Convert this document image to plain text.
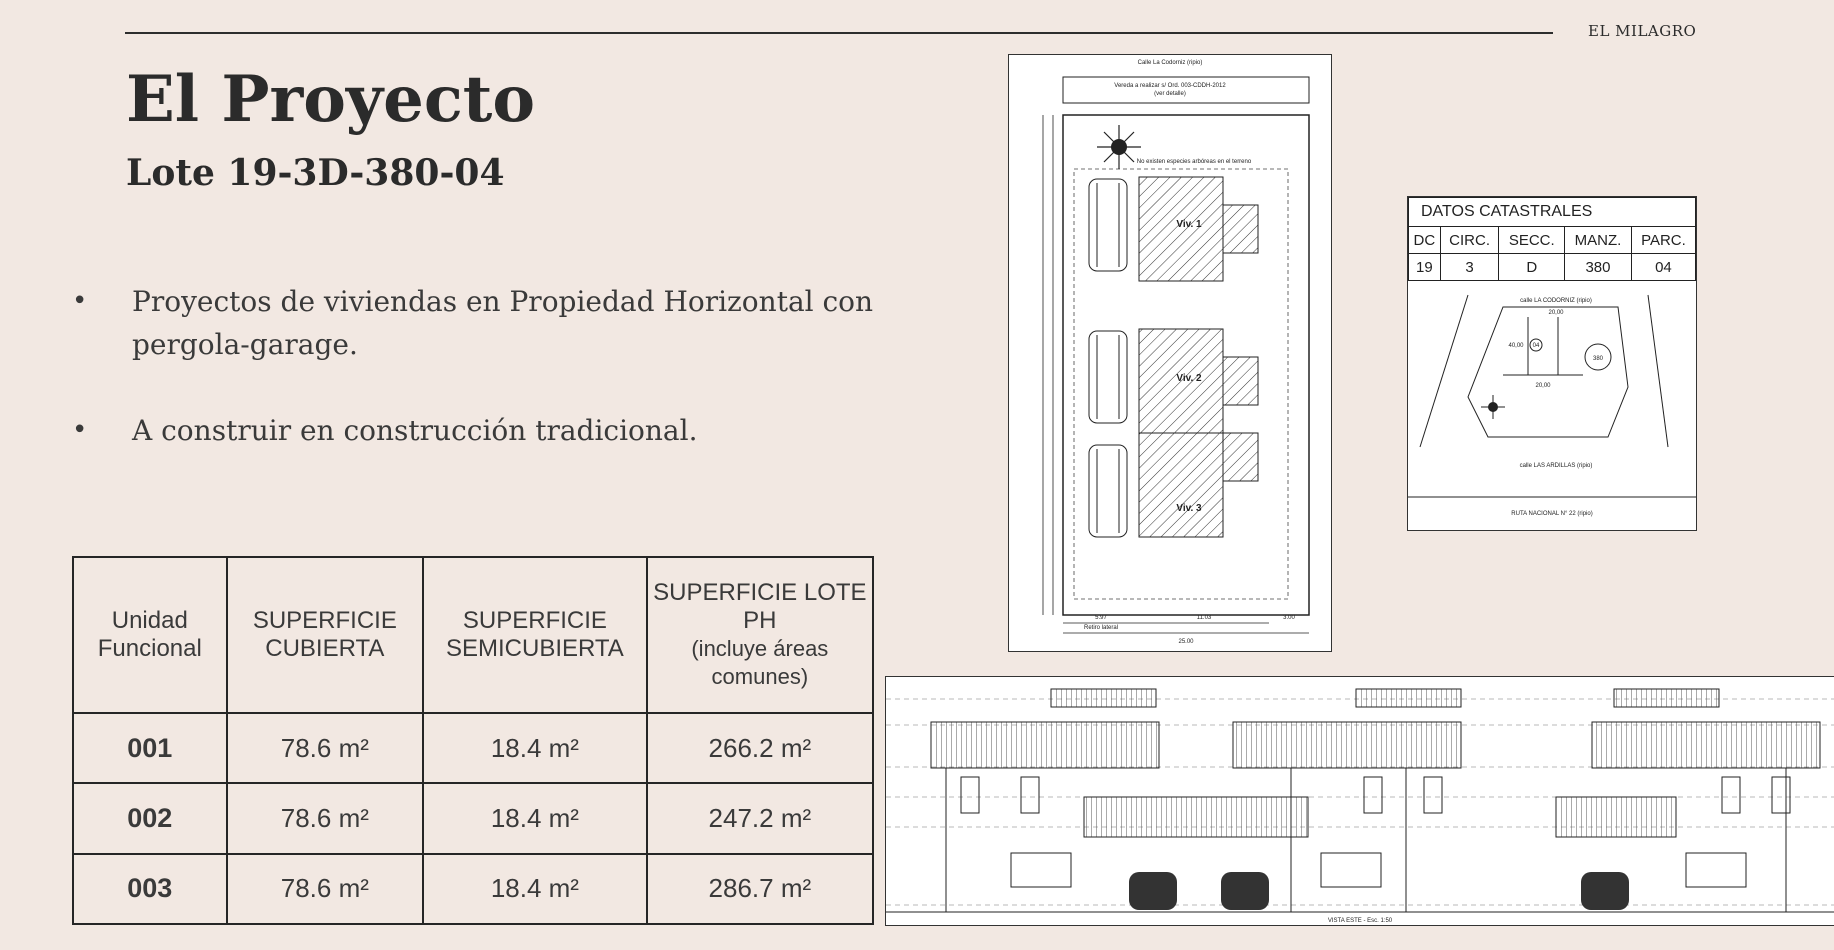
EL MILAGRO
El Proyecto
Lote 19-3D-380-04
• Proyectos de viviendas en Propiedad Horizontal con pergola-garage.
• A construir en construcción tradicional.
Unidad Funcional	SUPERFICIE CUBIERTA	SUPERFICIE SEMICUBIERTA	SUPERFICIE LOTE PH
(incluye áreas comunes)

001	78.6 m²	18.4 m²	266.2 m²
002	78.6 m²	18.4 m²	247.2 m²
003	78.6 m²	18.4 m²	286.7 m²
Calle La Codorniz (ripio)
Vereda a realizar s/ Ord. 003-CDDH-2012
(ver detalle)
No existen especies arbóreas en el terreno
Viv. 1
Viv. 2
Viv. 3
5.97	11.03	3.00
Retiro lateral
25.00
DATOS CATASTRALES				
DC	CIRC.	SECC.	MANZ.	PARC.
19	3	D	380	04
calle LA CODORNIZ (ripio)
20,00
20,00
40,00
380
04
calle LAS ARDILLAS (ripio)
RUTA NACIONAL N° 22 (ripio)
VISTA ESTE - Esc. 1:50
